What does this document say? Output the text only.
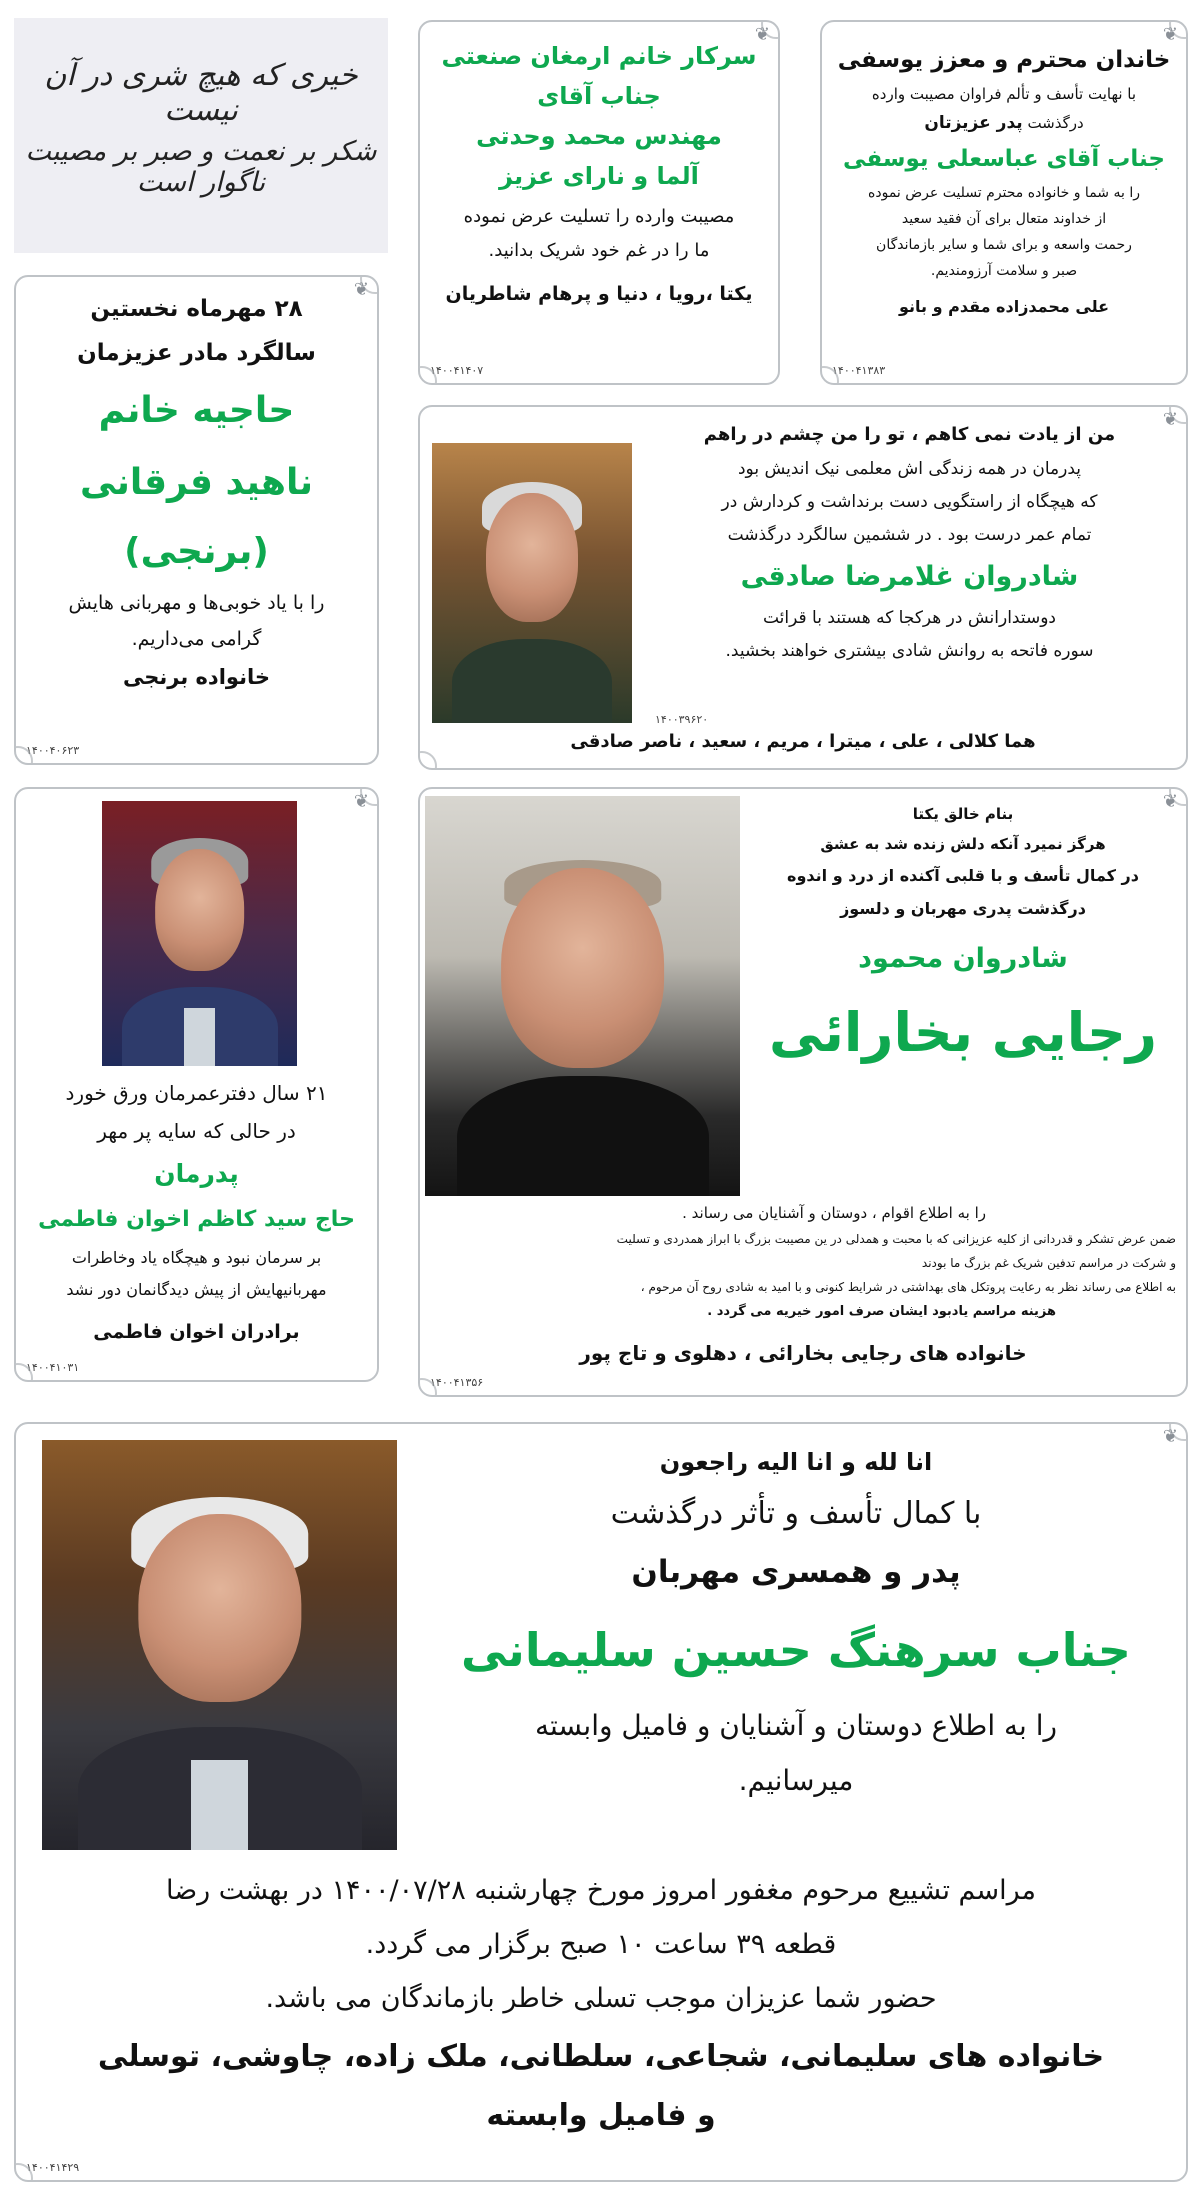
خیری که هیچ شری در آن نیست
شکر بر نعمت و صبر بر مصیبت ناگوار است
❦
سرکار خانم ارمغان صنعتی
جناب آقای
مهندس محمد وحدتی
آلما و نارای عزیز
مصیبت وارده را تسلیت عرض نموده
ما را در غم خود شریک بدانید.
یکتا ،رویا ، دنیا و پرهام شاطریان
۱۴۰۰۴۱۴۰۷
❦
خاندان محترم و معزز یوسفی
با نهایت تأسف و تألم فراوان مصیبت وارده
درگذشت پدر عزیزتان
جناب آقای عباسعلی یوسفی
را به شما و خانواده محترم تسلیت عرض نموده
از خداوند متعال برای آن فقید سعید
رحمت واسعه و برای شما و سایر بازماندگان
صبر و سلامت آرزومندیم.
علی محمدزاده مقدم و بانو
۱۴۰۰۴۱۳۸۳
❦
۲۸ مهرماه نخستین
سالگرد مادر عزیزمان
حاجیه خانم
ناهید فرقانی
(برنجی)
را با یاد خوبی‌ها و مهربانی هایش
گرامی می‌داریم.
خانواده برنجی
۱۴۰۰۴۰۶۲۳
❦
من از یادت نمی کاهم ، تو را من چشم در راهم
پدرمان در همه زندگی اش معلمی نیک اندیش بود
که هیچگاه از راستگویی دست برنداشت و کردارش در
تمام عمر درست بود . در ششمین سالگرد درگذشت
شادروان غلامرضا صادقی
دوستدارانش در هرکجا که هستند با قرائت
سوره فاتحه به روانش شادی بیشتری خواهند بخشید.
هما کلالی ، علی ، میترا ، مریم ، سعید ، ناصر صادقی
۱۴۰۰۳۹۶۲۰
❦
۲۱ سال دفترعمرمان ورق خورد
در حالی که سایه پر مهر
پدرمان
حاج سید کاظم اخوان فاطمی
بر سرمان نبود و هیچگاه یاد وخاطرات
مهربانیهایش از پیش دیدگانمان دور نشد
برادران اخوان فاطمی
۱۴۰۰۴۱۰۳۱
❦
بنام خالق یکتا
هرگز نمیرد آنکه دلش زنده شد به عشق
در کمال تأسف و با قلبی آکنده از درد و اندوه
درگذشت پدری مهربان و دلسوز
شادروان محمود
رجایی بخارائی
را به اطلاع اقوام ، دوستان و آشنایان می رساند .
ضمن عرض تشکر و قدردانی از کلیه عزیزانی که با محبت و همدلی در ین مصیبت بزرگ با ابراز همدردی و تسلیت
و شرکت در مراسم تدفین شریک غم بزرگ ما بودند
به اطلاع می رساند نظر به رعایت پروتکل های بهداشتی در شرایط کنونی و با امید به شادی روح آن مرحوم ،
هزینه مراسم یادبود ایشان صرف امور خیریه می گردد .
خانواده های رجایی بخارائی ، دهلوی و تاج پور
۱۴۰۰۴۱۳۵۶
❦
انا لله و انا الیه راجعون
با کمال تأسف و تأثر درگذشت
پدر و همسری مهربان
جناب سرهنگ حسین سلیمانی
را به اطلاع دوستان و آشنایان و فامیل وابسته
میرسانیم.
مراسم تشییع مرحوم مغفور امروز مورخ چهارشنبه ۱۴۰۰/۰۷/۲۸ در بهشت رضا
قطعه ۳۹ ساعت ۱۰ صبح برگزار می گردد.
حضور شما عزیزان موجب تسلی خاطر بازماندگان می باشد.
خانواده های سلیمانی، شجاعی، سلطانی، ملک زاده، چاوشی، توسلی
و فامیل وابسته
۱۴۰۰۴۱۴۲۹
